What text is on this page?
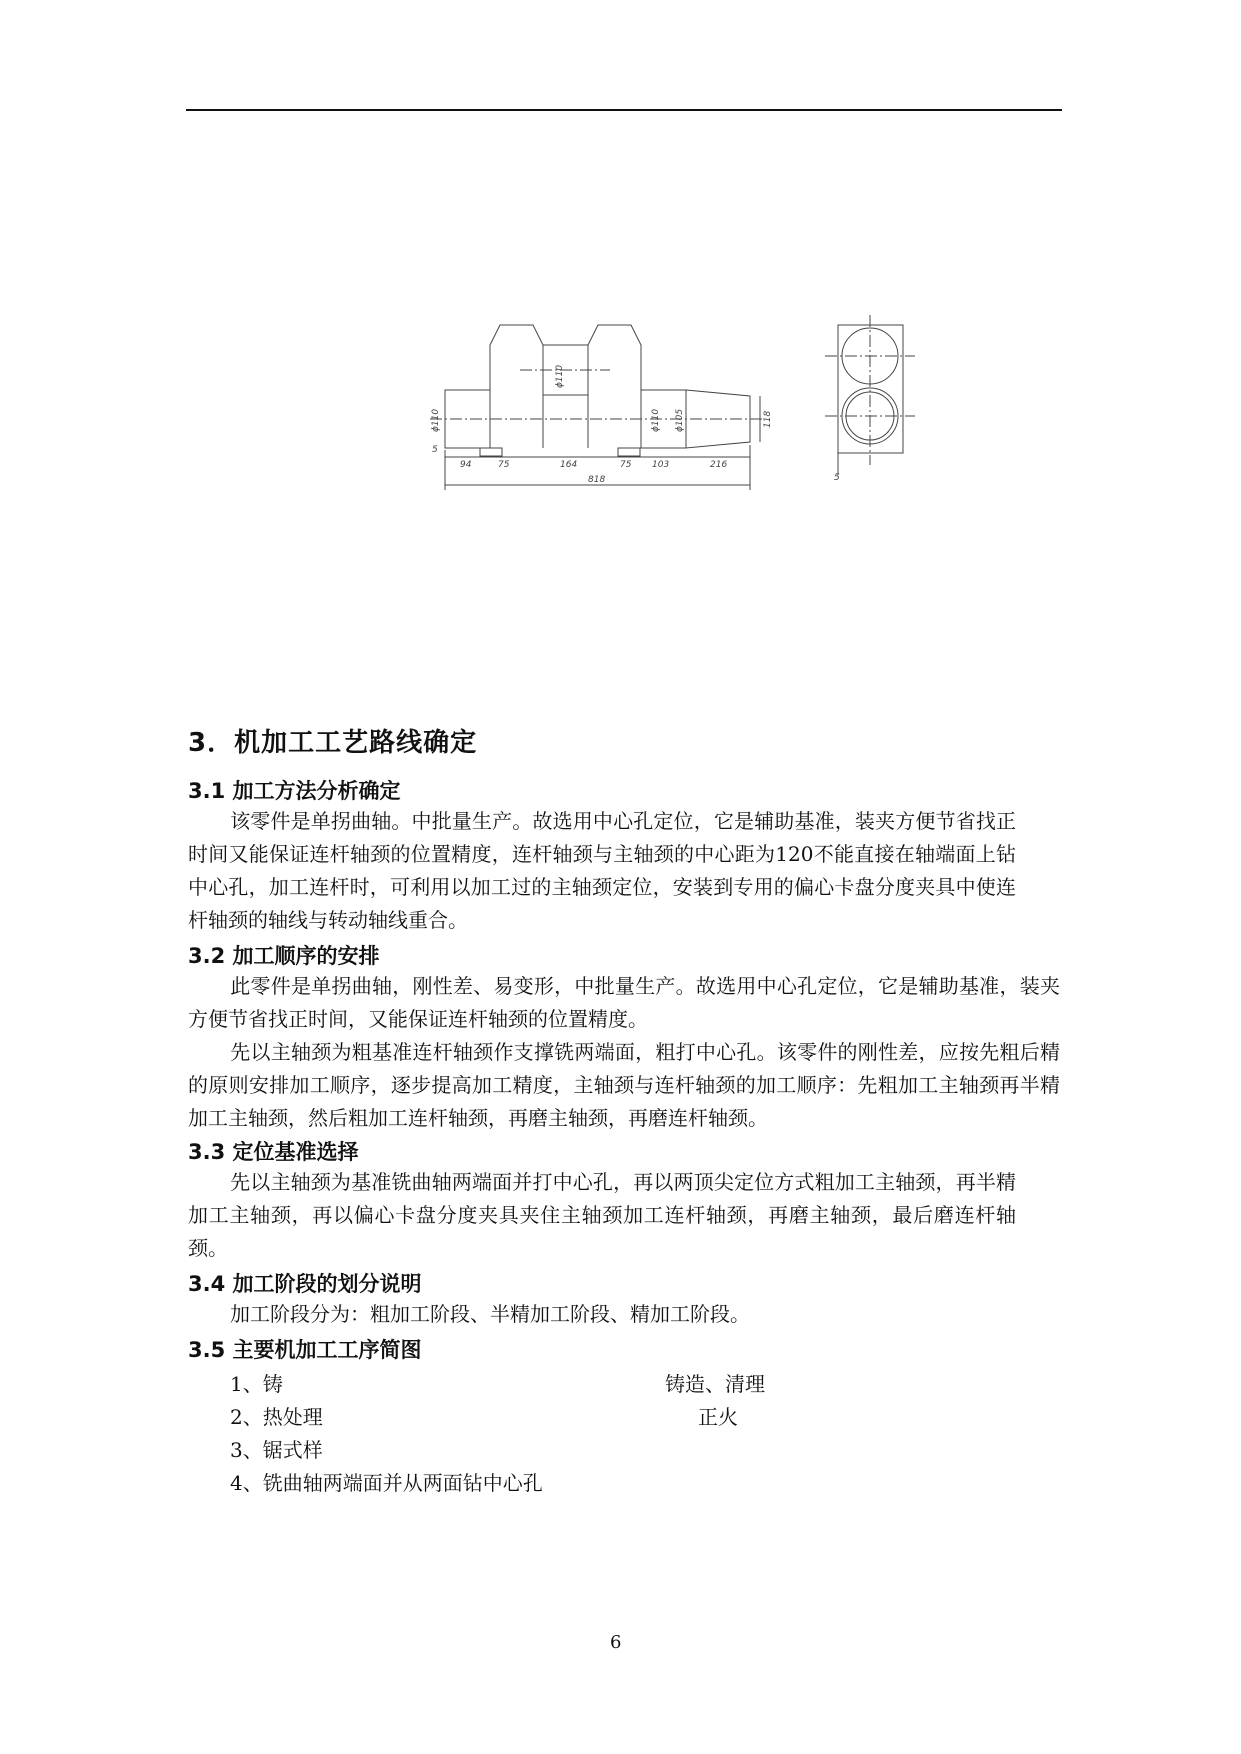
94	75	164	75 103	216
818
ϕ110
ϕ110
ϕ110 ϕ105	118
5
5
3．机加工工艺路线确定
3.1 加工方法分析确定
该零件是单拐曲轴。中批量生产。故选用中心孔定位，它是辅助基准，装夹方便节省找正时间又能保证连杆轴颈的位置精度，连杆轴颈与主轴颈的中心距为120不能直接在轴端面上钻中心孔，加工连杆时，可利用以加工过的主轴颈定位，安装到专用的偏心卡盘分度夹具中使连杆轴颈的轴线与转动轴线重合。
3.2 加工顺序的安排
此零件是单拐曲轴，刚性差、易变形，中批量生产。故选用中心孔定位，它是辅助基准，装夹方便节省找正时间，又能保证连杆轴颈的位置精度。
先以主轴颈为粗基准连杆轴颈作支撑铣两端面，粗打中心孔。该零件的刚性差，应按先粗后精的原则安排加工顺序，逐步提高加工精度，主轴颈与连杆轴颈的加工顺序：先粗加工主轴颈再半精加工主轴颈，然后粗加工连杆轴颈，再磨主轴颈，再磨连杆轴颈。
3.3 定位基准选择
先以主轴颈为基准铣曲轴两端面并打中心孔，再以两顶尖定位方式粗加工主轴颈，再半精加工主轴颈，再以偏心卡盘分度夹具夹住主轴颈加工连杆轴颈，再磨主轴颈，最后磨连杆轴颈。
3.4 加工阶段的划分说明
加工阶段分为：粗加工阶段、半精加工阶段、精加工阶段。
3.5 主要机加工工序简图
1、铸	铸造、清理
2、热处理	正火
3、锯式样
4、铣曲轴两端面并从两面钻中心孔
6
